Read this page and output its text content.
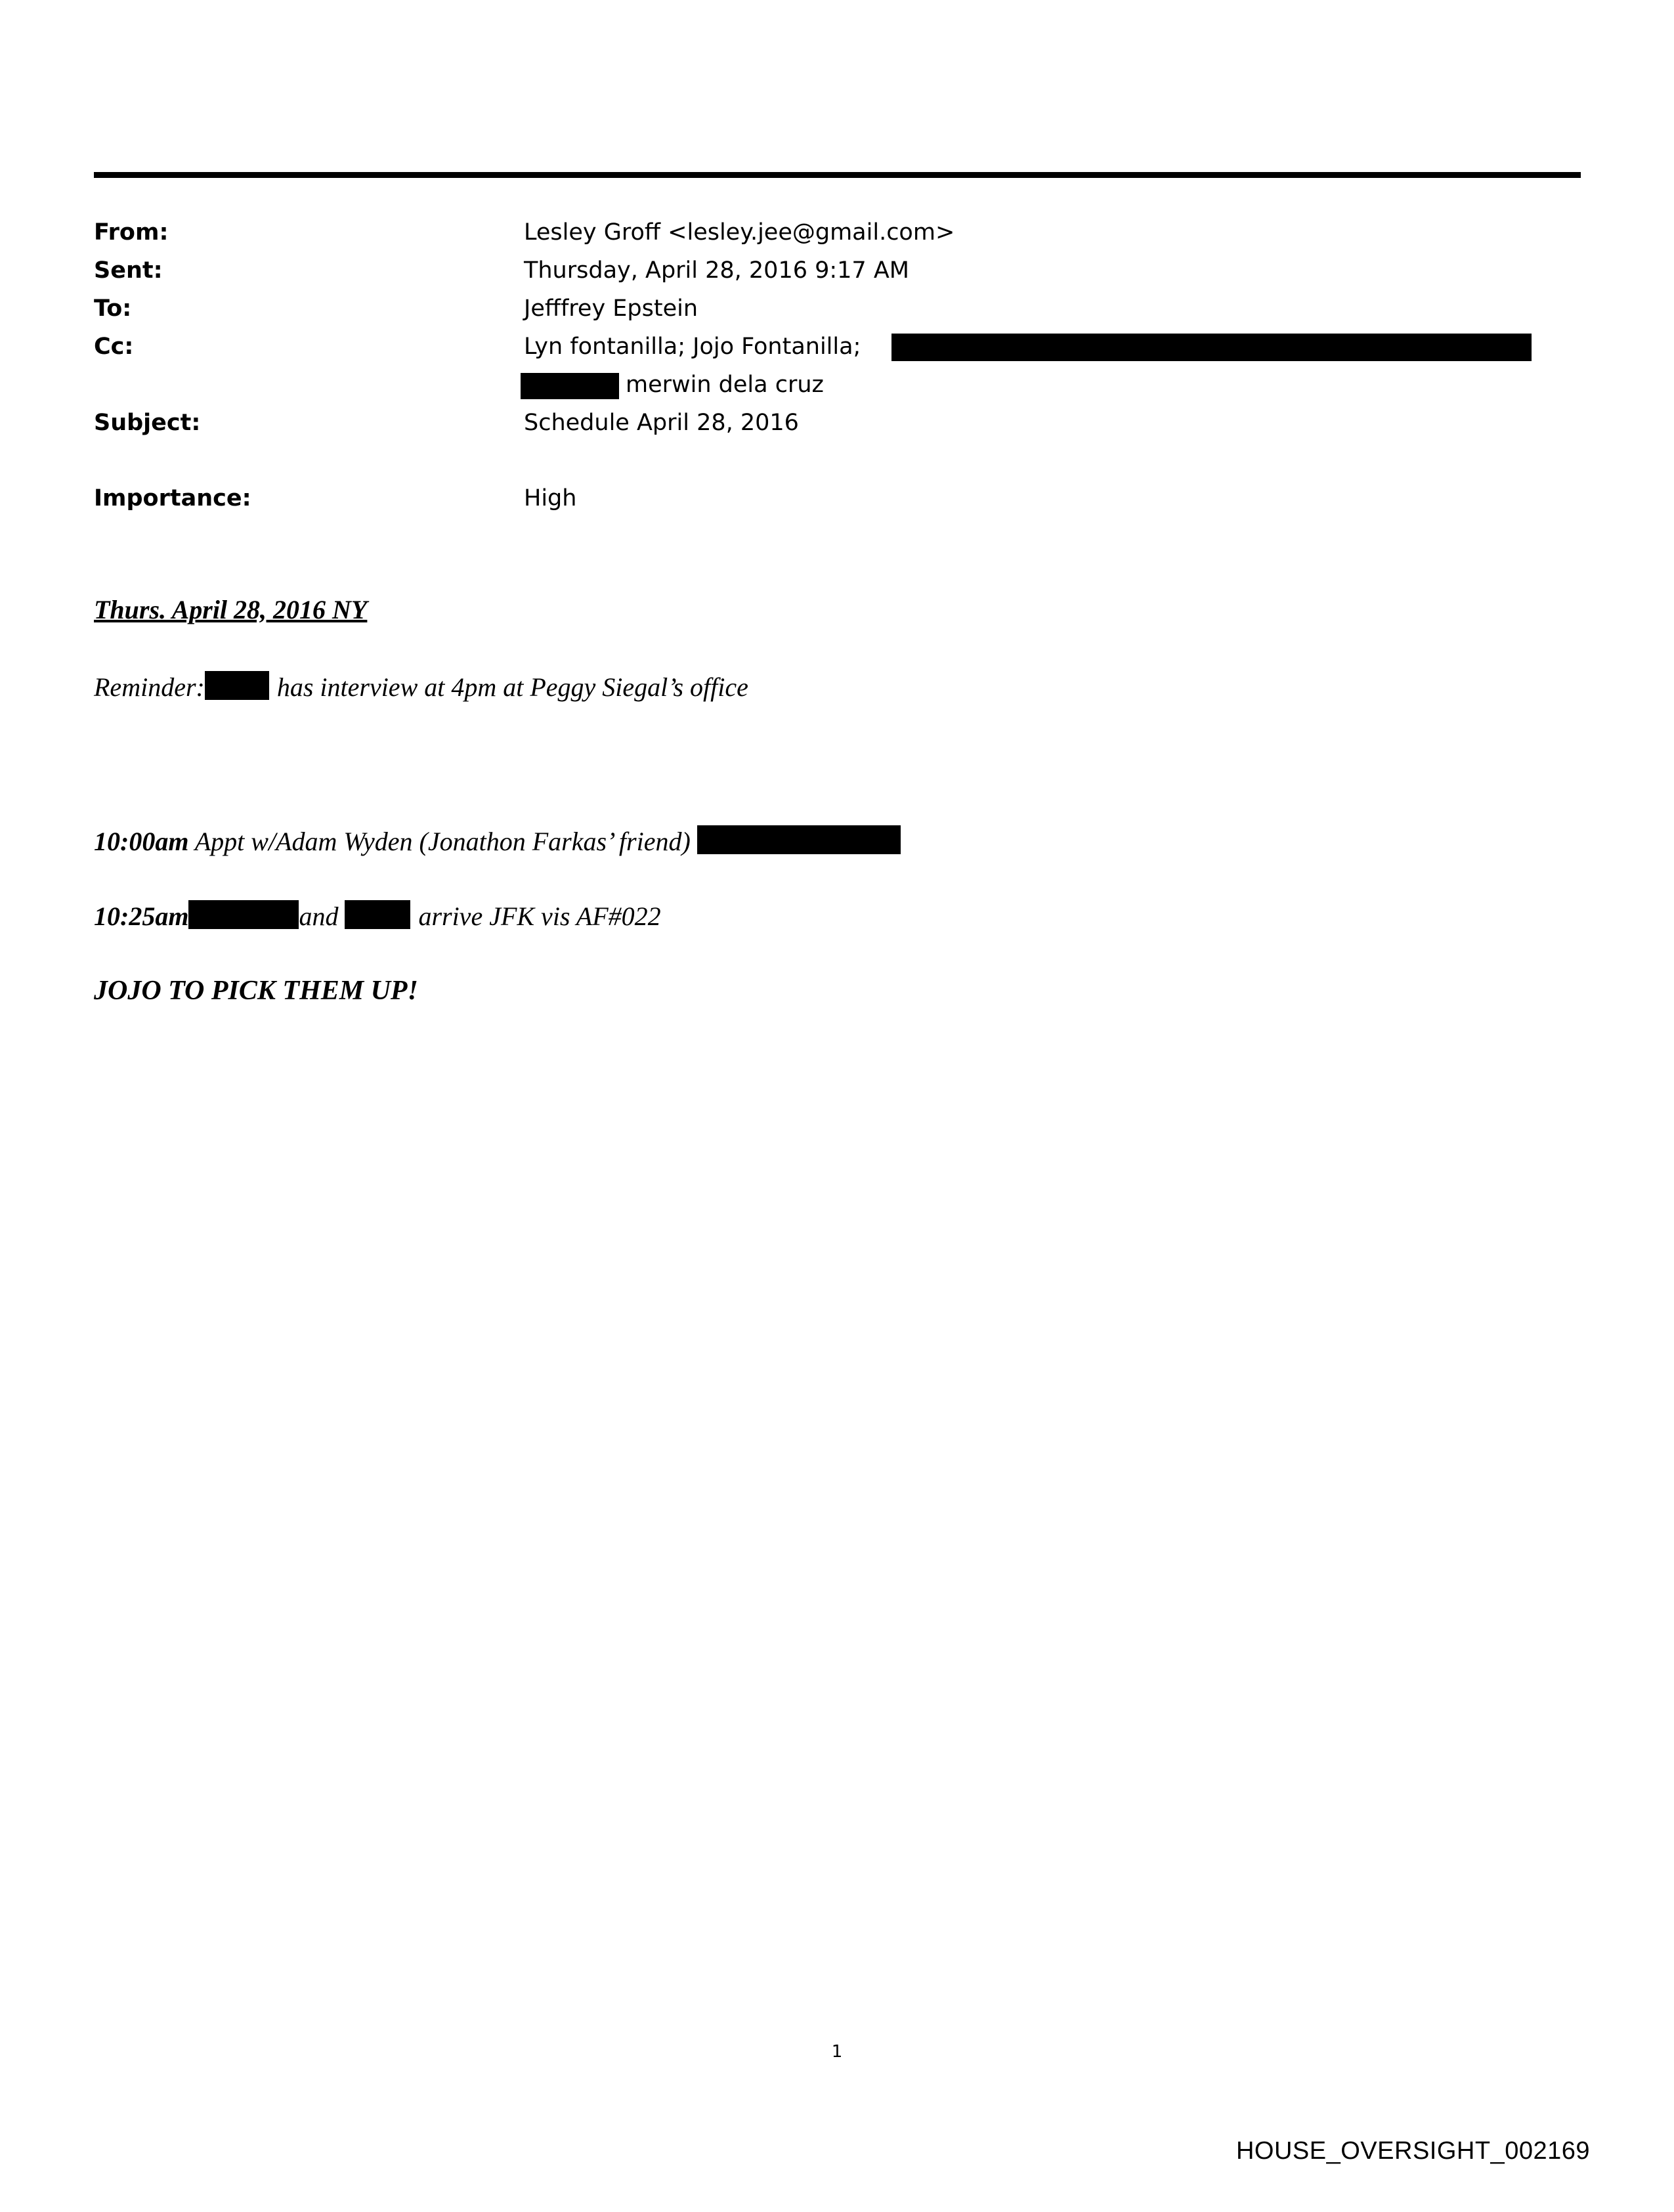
From:	Lesley Groff <lesley.jee@gmail.com>
Sent:	Thursday, April 28, 2016 9:17 AM
To:	Jefffrey Epstein
Cc:	Lyn fontanilla; Jojo Fontanilla;
merwin dela cruz
Subject:	Schedule April 28, 2016
Importance:	High
Thurs. April 28, 2016 NY
Reminder:	has interview at 4pm at Peggy Siegal’s office
10:00am Appt w/Adam Wyden (Jonathon Farkas’ friend)
10:25am	and	arrive JFK vis AF#022
JOJO TO PICK THEM UP!
1
HOUSE_OVERSIGHT_002169
